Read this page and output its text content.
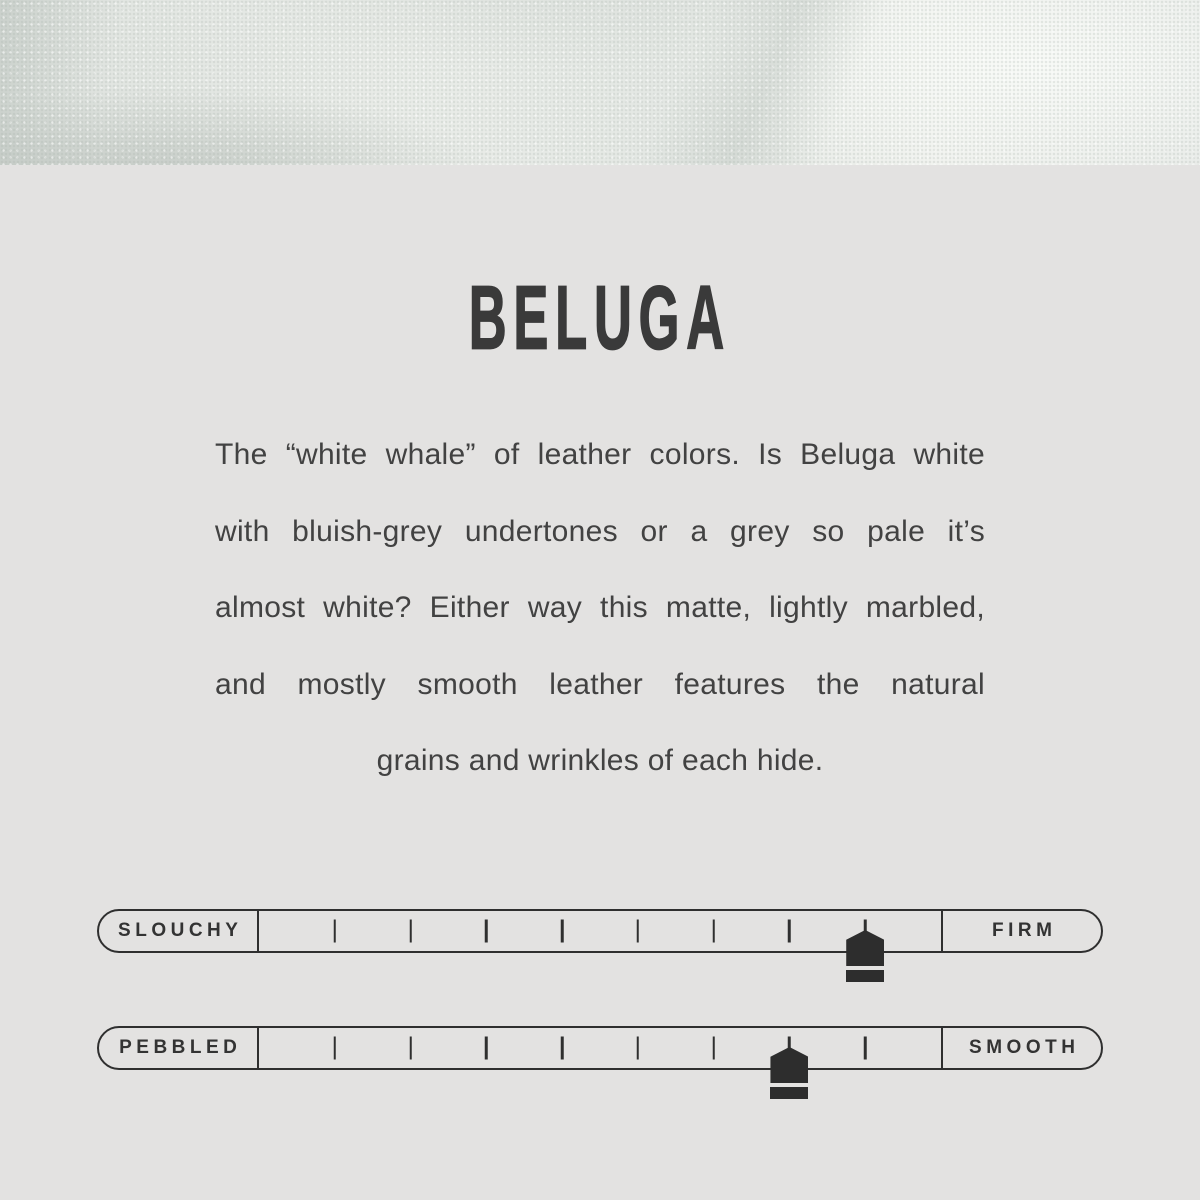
BELUGA
The “white whale” of leather colors. Is Beluga white
with bluish-grey undertones or a grey so pale it’s
almost white? Either way this matte, lightly marbled,
and mostly smooth leather features the natural
grains and wrinkles of each hide.
SLOUCHY	FIRM
PEBBLED	SMOOTH
